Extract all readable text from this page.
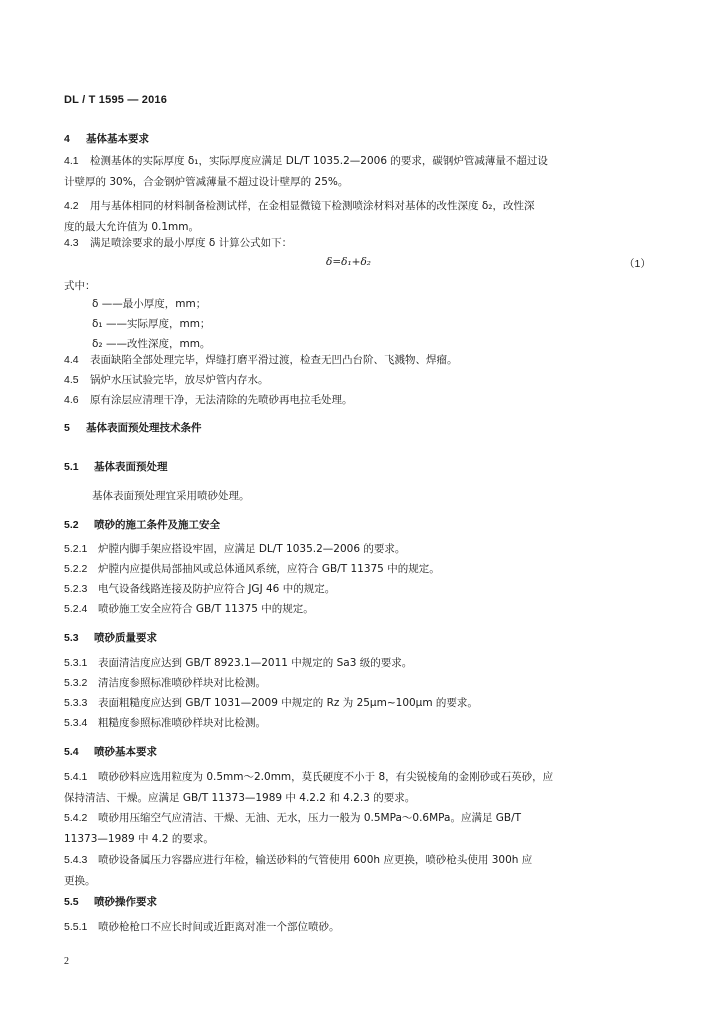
DL / T 1595 — 2016
4 基体基本要求
4.1 检测基体的实际厚度 δ₁，实际厚度应满足 DL/T 1035.2—2006 的要求，碳钢炉管减薄量不超过设
计壁厚的 30%，合金钢炉管减薄量不超过设计壁厚的 25%。
4.2 用与基体相同的材料制备检测试样，在金相显微镜下检测喷涂材料对基体的改性深度 δ₂，改性深
度的最大允许值为 0.1mm。
4.3 满足喷涂要求的最小厚度 δ 计算公式如下：
δ=δ₁+δ₂	（1）
式中：
δ ——最小厚度，mm；
δ₁ ——实际厚度，mm；
δ₂ ——改性深度，mm。
4.4 表面缺陷全部处理完毕，焊缝打磨平滑过渡，检查无凹凸台阶、飞溅物、焊瘤。
4.5 锅炉水压试验完毕，放尽炉管内存水。
4.6 原有涂层应清理干净，无法清除的先喷砂再电拉毛处理。
5 基体表面预处理技术条件
5.1 基体表面预处理
基体表面预处理宜采用喷砂处理。
5.2 喷砂的施工条件及施工安全
5.2.1 炉膛内脚手架应搭设牢固，应满足 DL/T 1035.2—2006 的要求。
5.2.2 炉膛内应提供局部抽风或总体通风系统，应符合 GB/T 11375 中的规定。
5.2.3 电气设备线路连接及防护应符合 JGJ 46 中的规定。
5.2.4 喷砂施工安全应符合 GB/T 11375 中的规定。
5.3 喷砂质量要求
5.3.1 表面清洁度应达到 GB/T 8923.1—2011 中规定的 Sa3 级的要求。
5.3.2 清洁度参照标准喷砂样块对比检测。
5.3.3 表面粗糙度应达到 GB/T 1031—2009 中规定的 Rz 为 25μm~100μm 的要求。
5.3.4 粗糙度参照标准喷砂样块对比检测。
5.4 喷砂基本要求
5.4.1 喷砂砂料应选用粒度为 0.5mm～2.0mm，莫氏硬度不小于 8，有尖锐棱角的金刚砂或石英砂，应
保持清洁、干燥。应满足 GB/T 11373—1989 中 4.2.2 和 4.2.3 的要求。
5.4.2 喷砂用压缩空气应清洁、干燥、无油、无水，压力一般为 0.5MPa～0.6MPa。应满足 GB/T
11373—1989 中 4.2 的要求。
5.4.3 喷砂设备属压力容器应进行年检，输送砂料的气管使用 600h 应更换，喷砂枪头使用 300h 应
更换。
5.5 喷砂操作要求
5.5.1 喷砂枪枪口不应长时间或近距离对准一个部位喷砂。
2
